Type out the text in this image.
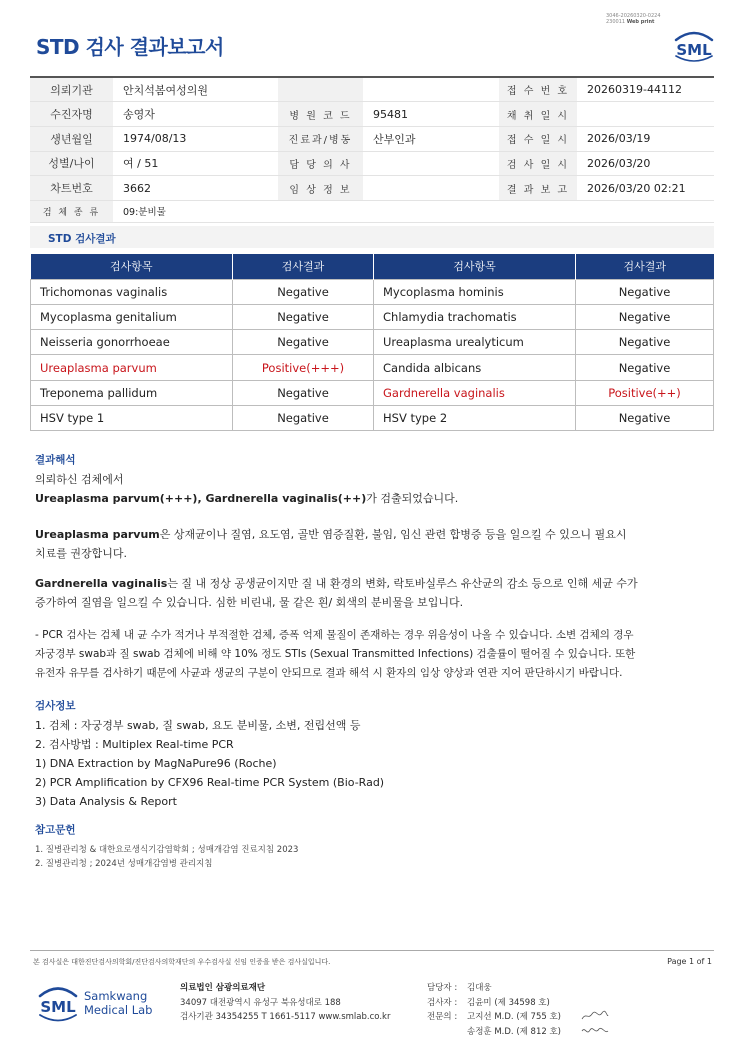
3046-20260320-0224
230011 Web print
STD 검사 결과보고서	SML
의뢰기관	안치석봄여성의원			접 수 번 호	20260319-44112
수진자명	송영자	병 원 코 드	95481	채 취 일 시	
생년월일	1974/08/13	진료과/병동	산부인과	접 수 일 시	2026/03/19
성별/나이	여 / 51	담 당 의 사		검 사 일 시	2026/03/20
차트번호	3662	임 상 정 보		결 과 보 고	2026/03/20 02:21
검 체 종 류	09:분비물				
STD 검사결과
검사항목	검사결과	검사항목	검사결과
Trichomonas vaginalis	Negative	Mycoplasma hominis	Negative
Mycoplasma genitalium	Negative	Chlamydia trachomatis	Negative
Neisseria gonorrhoeae	Negative	Ureaplasma urealyticum	Negative
Ureaplasma parvum	Positive(+++)	Candida albicans	Negative
Treponema pallidum	Negative	Gardnerella vaginalis	Positive(++)
HSV type 1	Negative	HSV type 2	Negative
결과해석
의뢰하신 검체에서
Ureaplasma parvum(+++), Gardnerella vaginalis(++)가 검출되었습니다.
Ureaplasma parvum은 상재균이나 질염, 요도염, 골반 염증질환, 불임, 임신 관련 합병증 등을 일으킬 수 있으니 필요시
치료를 권장합니다.
Gardnerella vaginalis는 질 내 정상 공생균이지만 질 내 환경의 변화, 락토바실루스 유산균의 감소 등으로 인해 세균 수가
증가하여 질염을 일으킬 수 있습니다. 심한 비린내, 물 같은 흰/ 회색의 분비물을 보입니다.
- PCR 검사는 검체 내 균 수가 적거나 부적절한 검체, 증폭 억제 물질이 존재하는 경우 위음성이 나올 수 있습니다. 소변 검체의 경우
자궁경부 swab과 질 swab 검체에 비해 약 10% 정도 STIs (Sexual Transmitted Infections) 검출률이 떨어질 수 있습니다. 또한
유전자 유무를 검사하기 때문에 사균과 생균의 구분이 안되므로 결과 해석 시 환자의 임상 양상과 연관 지어 판단하시기 바랍니다.
검사정보
1. 검체 : 자궁경부 swab, 질 swab, 요도 분비물, 소변, 전립선액 등
2. 검사방법 : Multiplex Real-time PCR
1) DNA Extraction by MagNaPure96 (Roche)
2) PCR Amplification by CFX96 Real-time PCR System (Bio-Rad)
3) Data Analysis & Report
참고문헌
1. 질병관리청 & 대한요로생식기감염학회 ; 성매개감염 진료지침 2023
2. 질병관리청 ; 2024년 성매개감염병 관리지침
본 검사실은 대한진단검사의학회/진단검사의학재단의 우수검사실 신임 인증을 받은 검사실입니다.	Page 1 of 1
SML
Samkwang
Medical Lab
의료법인 삼광의료재단
34097 대전광역시 유성구 북유성대로 188
검사기관 34354255 T 1661-5117 www.smlab.co.kr
담당자 : 김대웅
검사자 : 김윤미 (제 34598 호)
전문의 : 고지선 M.D. (제 755 호)
송정훈 M.D. (제 812 호)
